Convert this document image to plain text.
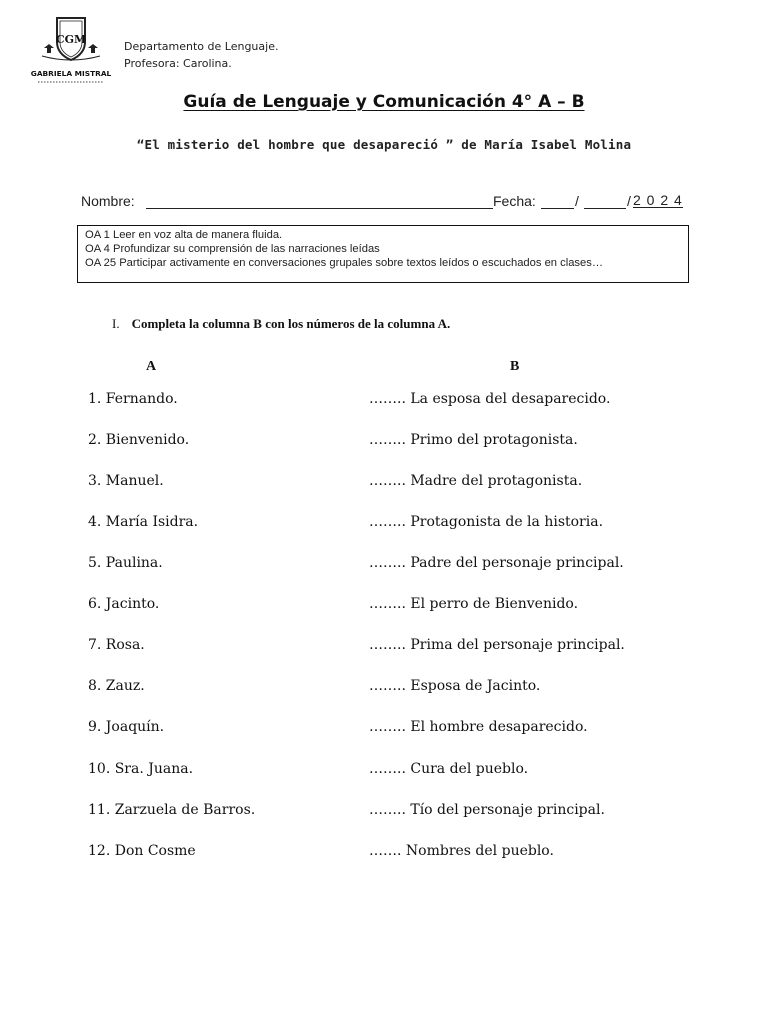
CGM
GABRIELA MISTRAL
Departamento de Lenguaje.
Profesora: Carolina.
Guía de Lenguaje y Comunicación 4° A – B
“El misterio del hombre que desapareció ” de María Isabel Molina
Nombre:	Fecha:	/	/ 2 0 2 4
OA 1 Leer en voz alta de manera fluida.
OA 4 Profundizar su comprensión de las narraciones leídas
OA 25 Participar activamente en conversaciones grupales sobre textos leídos o escuchados en clases…
I. Completa la columna B con los números de la columna A.
A	B
1. Fernando.	…….. La esposa del desaparecido.
2. Bienvenido.	…….. Primo del protagonista.
3. Manuel.	…….. Madre del protagonista.
4. María Isidra.	…….. Protagonista de la historia.
5. Paulina.	…….. Padre del personaje principal.
6. Jacinto.	…….. El perro de Bienvenido.
7. Rosa.	…….. Prima del personaje principal.
8. Zauz.	…….. Esposa de Jacinto.
9. Joaquín.	…….. El hombre desaparecido.
10. Sra. Juana.	…….. Cura del pueblo.
11. Zarzuela de Barros.	…….. Tío del personaje principal.
12. Don Cosme	……. Nombres del pueblo.
